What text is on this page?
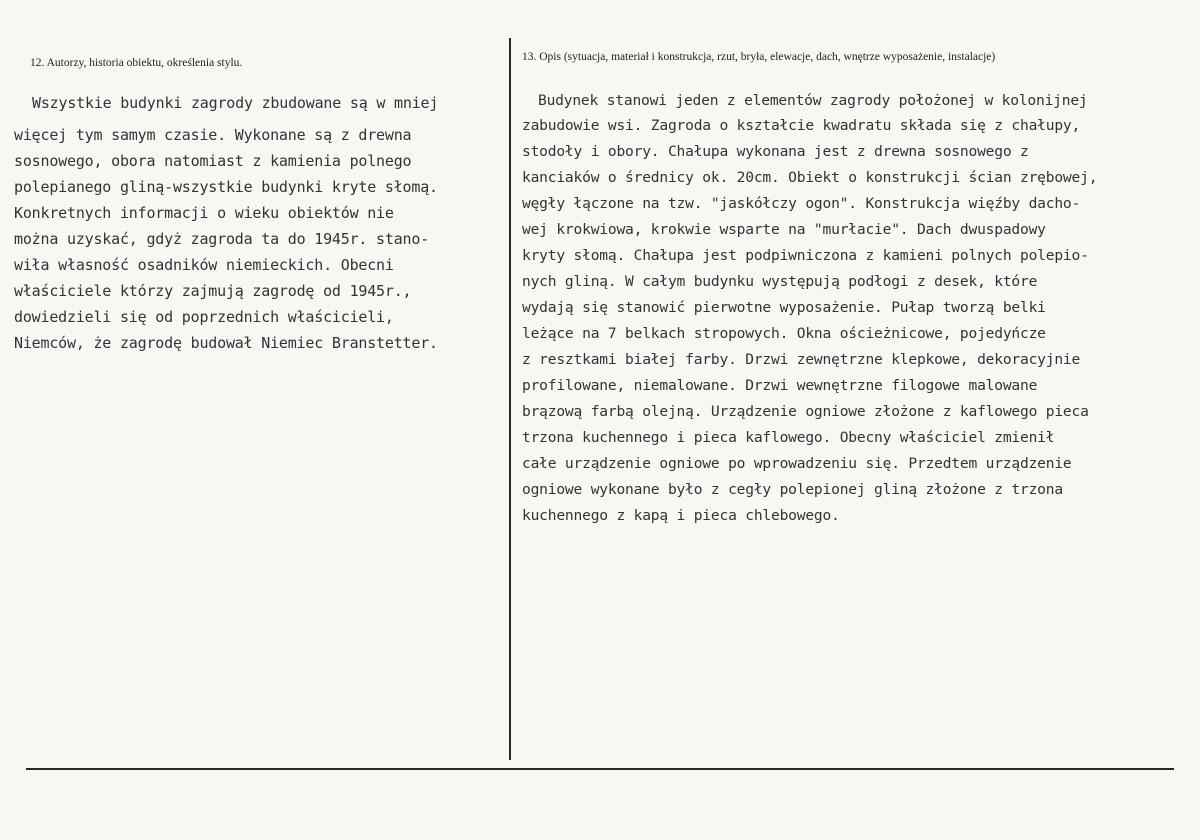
12. Autorzy, historia obiektu, określenia stylu.
Wszystkie budynki zagrody zbudowane są w mniej
więcej tym samym czasie. Wykonane są z drewna
sosnowego, obora natomiast z kamienia polnego
polepianego gliną-wszystkie budynki kryte słomą.
Konkretnych informacji o wieku obiektów nie
można uzyskać, gdyż zagroda ta do 1945r. stano-
wiła własność osadników niemieckich. Obecni
właściciele którzy zajmują zagrodę od 1945r.,
dowiedzieli się od poprzednich właścicieli,
Niemców, że zagrodę budował Niemiec Branstetter.
13. Opis (sytuacja, materiał i konstrukcja, rzut, bryła, elewacje, dach, wnętrze wyposażenie, instalacje)
Budynek stanowi jeden z elementów zagrody położonej w kolonijnej
zabudowie wsi. Zagroda o kształcie kwadratu składa się z chałupy,
stodoły i obory. Chałupa wykonana jest z drewna sosnowego z
kanciaków o średnicy ok. 20cm. Obiekt o konstrukcji ścian zrębowej,
węgły łączone na tzw. "jaskółczy ogon". Konstrukcja więźby dacho-
wej krokwiowa, krokwie wsparte na "murłacie". Dach dwuspadowy
kryty słomą. Chałupa jest podpiwniczona z kamieni polnych polepio-
nych gliną. W całym budynku występują podłogi z desek, które
wydają się stanowić pierwotne wyposażenie. Pułap tworzą belki
leżące na 7 belkach stropowych. Okna ościeżnicowe, pojedyńcze
z resztkami białej farby. Drzwi zewnętrzne klepkowe, dekoracyjnie
profilowane, niemalowane. Drzwi wewnętrzne filogowe malowane
brązową farbą olejną. Urządzenie ogniowe złożone z kaflowego pieca
trzona kuchennego i pieca kaflowego. Obecny właściciel zmienił
całe urządzenie ogniowe po wprowadzeniu się. Przedtem urządzenie
ogniowe wykonane było z cegły polepionej gliną złożone z trzona
kuchennego z kapą i pieca chlebowego.
